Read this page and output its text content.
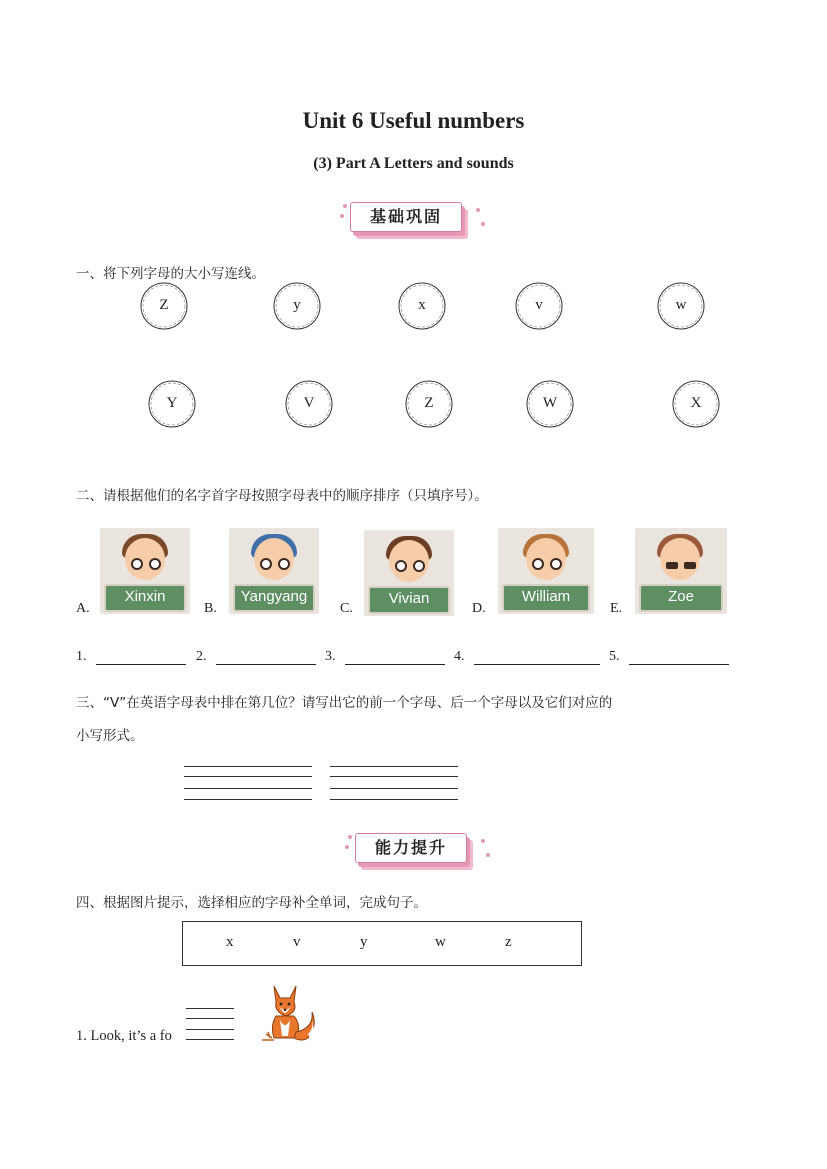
Unit 6 Useful numbers
(3) Part A Letters and sounds
基础巩固
一、将下列字母的大小写连线。
Z	y	x	v	w
Y	V	Z	W	X
二、请根据他们的名字首字母按照字母表中的顺序排序（只填序号）。
A.
Xinxin
B.
Yangyang
C.
Vivian
D.
William
E.
Zoe
1.	2.	3.	4.	5.
三、“V”在英语字母表中排在第几位？请写出它的前一个字母、后一个字母以及它们对应的
小写形式。
能力提升
四、根据图片提示，选择相应的字母补全单词，完成句子。
x	v	y	w	z
1. Look, it’s a fo
